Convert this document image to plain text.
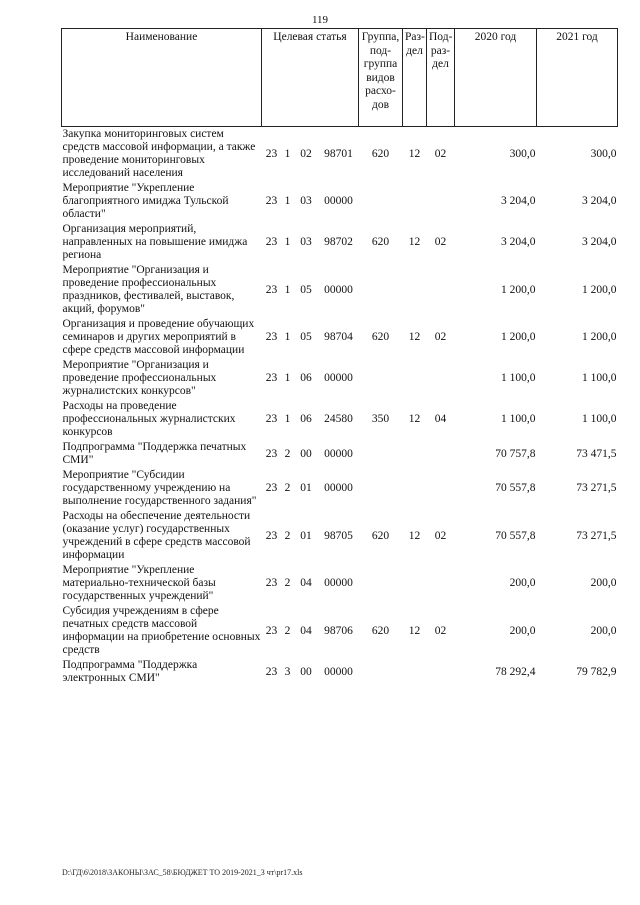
119
Наименование	Целевая статья				Группа, под- группа видов расхо- дов	Раз- дел	Под- раз- дел	2020 год	2021 год
Закупка мониторинговых систем средств массовой информации, а также проведение мониторинговых исследований населения	23	1	02	98701	620	12	02	300,0	300,0
Мероприятие "Укрепление благоприятного имиджа Тульской области"	23	1	03	00000				3 204,0	3 204,0
Организация мероприятий, направленных на повышение имиджа региона	23	1	03	98702	620	12	02	3 204,0	3 204,0
Мероприятие "Организация и проведение профессиональных праздников, фестивалей, выставок, акций, форумов"	23	1	05	00000				1 200,0	1 200,0
Организация и проведение обучающих семинаров и других мероприятий в сфере средств массовой информации	23	1	05	98704	620	12	02	1 200,0	1 200,0
Мероприятие "Организация и проведение профессиональных журналистских конкурсов"	23	1	06	00000				1 100,0	1 100,0
Расходы на проведение профессиональных журналистских конкурсов	23	1	06	24580	350	12	04	1 100,0	1 100,0
Подпрограмма "Поддержка печатных СМИ"	23	2	00	00000				70 757,8	73 471,5
Мероприятие "Субсидии государственному учреждению на выполнение государственного задания"	23	2	01	00000				70 557,8	73 271,5
Расходы на обеспечение деятельности (оказание услуг) государственных учреждений в сфере средств массовой информации	23	2	01	98705	620	12	02	70 557,8	73 271,5
Мероприятие "Укрепление материально-технической базы государственных учреждений"	23	2	04	00000				200,0	200,0
Субсидия учреждениям в сфере печатных средств массовой информации на приобретение основных средств	23	2	04	98706	620	12	02	200,0	200,0
Подпрограмма "Поддержка электронных СМИ"	23	3	00	00000				78 292,4	79 782,9
D:\ГД\6\2018\ЗАКОНЫ\ЗАС_58\БЮДЖЕТ ТО 2019-2021_3 чт\pr17.xls
